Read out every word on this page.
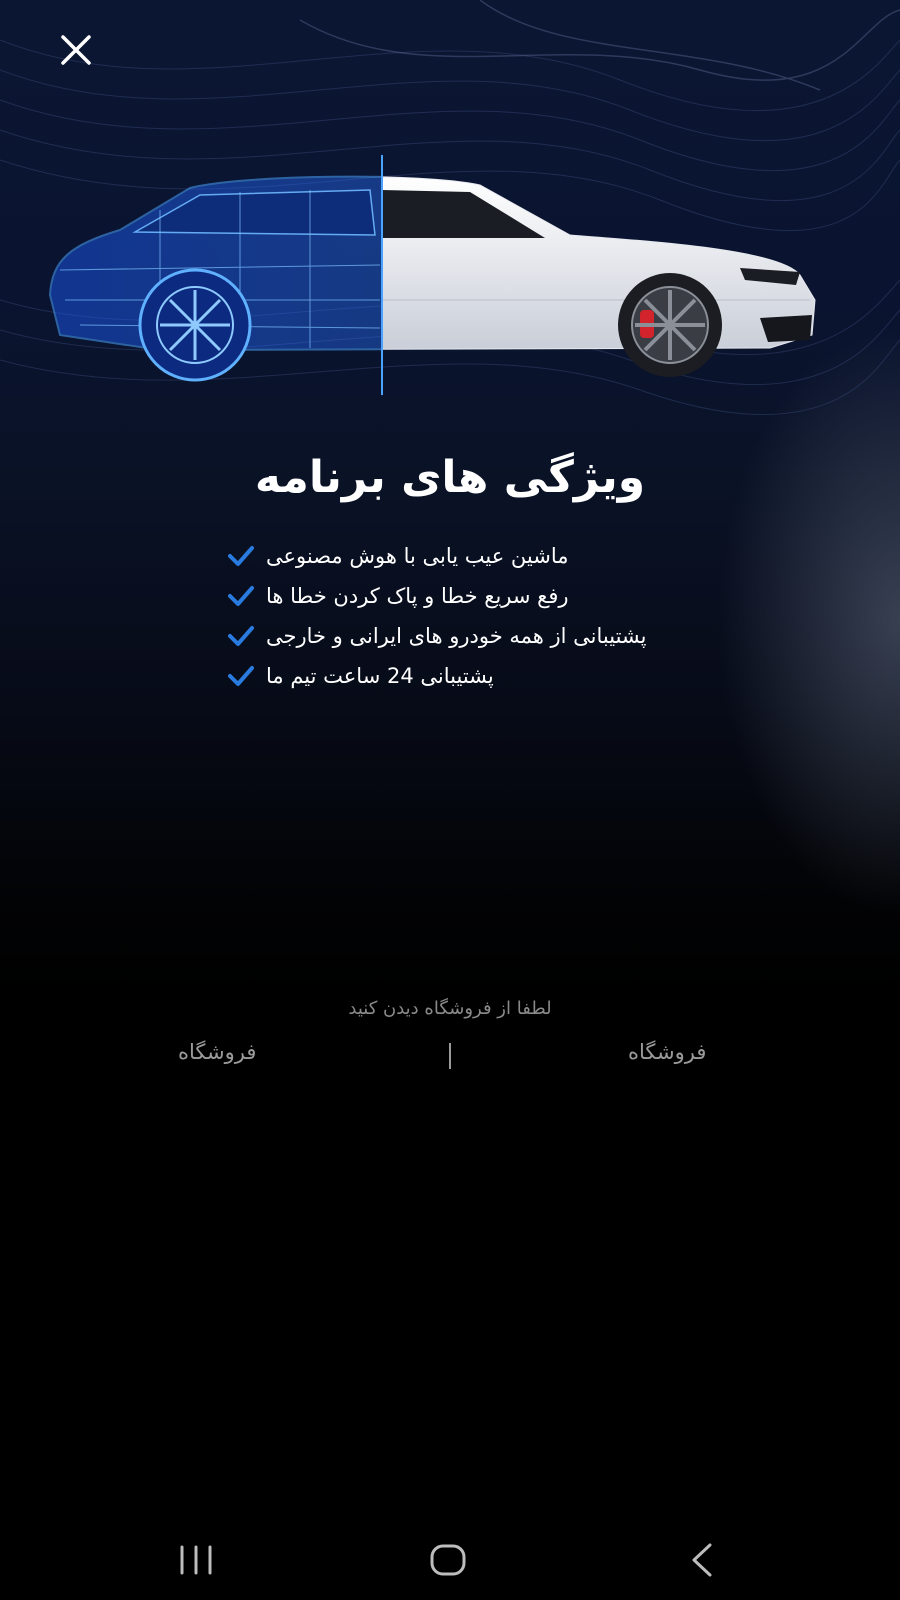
ویژگی های برنامه
ماشین عیب یابی با هوش مصنوعی
رفع سریع خطا و پاک کردن خطا ها
پشتیبانی از همه خودرو های ایرانی و خارجی
پشتیبانی 24 ساعت تیم ما
لطفا از فروشگاه دیدن کنید
فروشگاه	فروشگاه
